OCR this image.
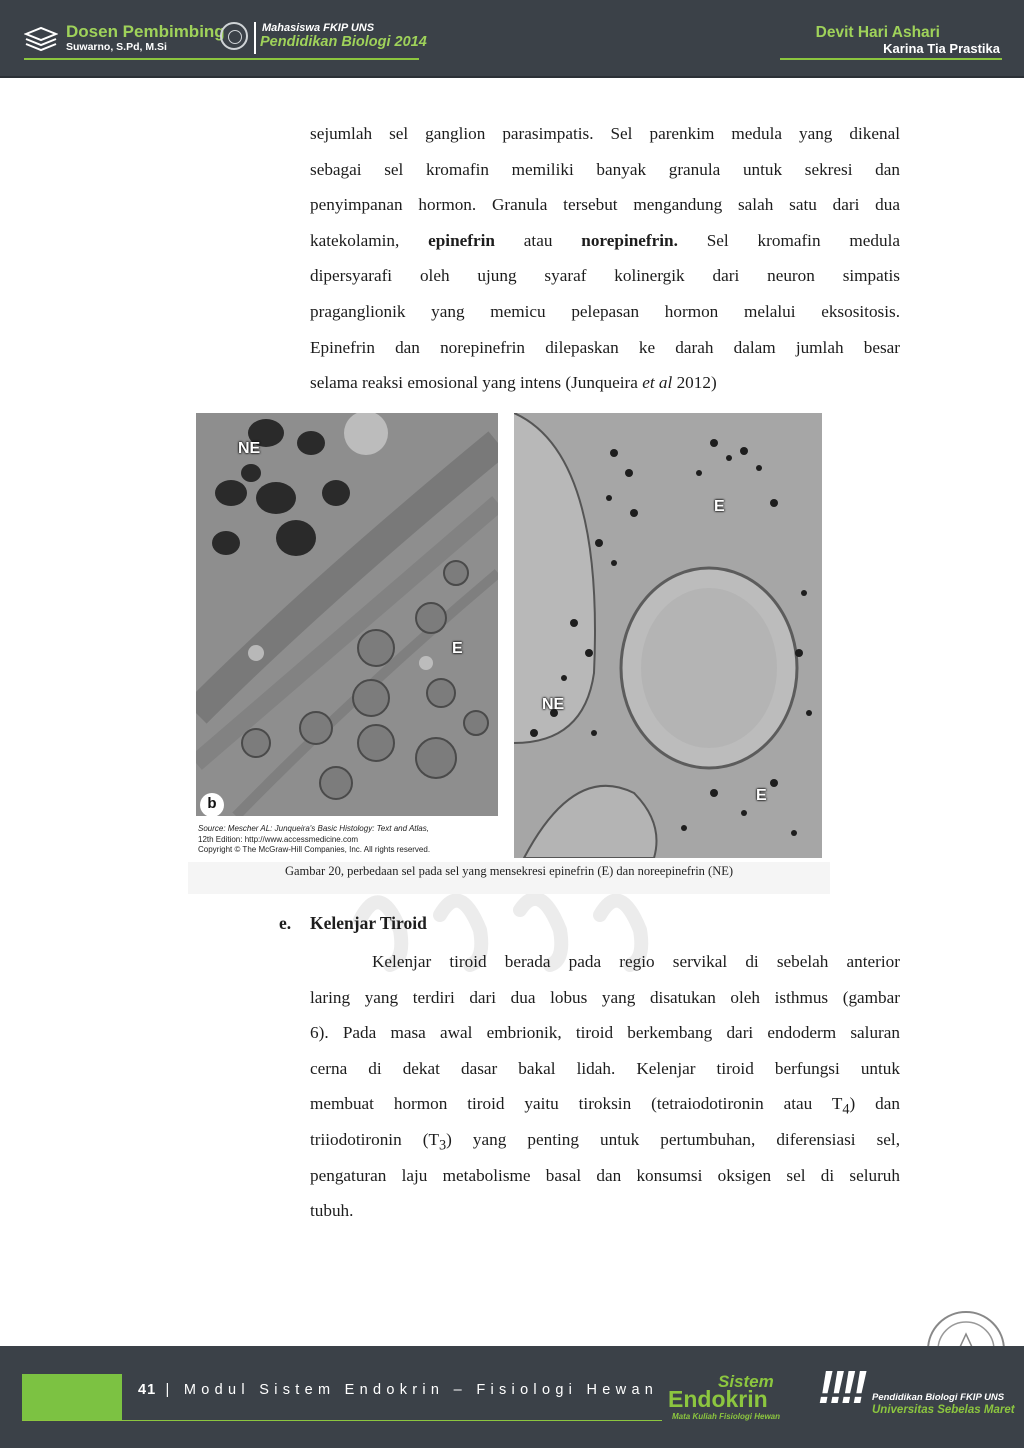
Dosen Pembimbing
Suwarno, S.Pd, M.Si
Mahasiswa FKIP UNS
Pendidikan Biologi 2014
Devit Hari Ashari
Karina Tia Prastika
sejumlah sel ganglion parasimpatis. Sel parenkim medula yang dikenal
sebagai sel kromafin memiliki banyak granula untuk sekresi dan
penyimpanan hormon. Granula tersebut mengandung salah satu dari dua
katekolamin, epinefrin atau norepinefrin. Sel kromafin medula
dipersyarafi oleh ujung syaraf kolinergik dari neuron simpatis
praganglionik yang memicu pelepasan hormon melalui eksositosis.
Epinefrin dan norepinefrin dilepaskan ke darah dalam jumlah besar
selama reaksi emosional yang intens (Junqueira et al 2012)
NE
E
b
Source: Mescher AL: Junqueira's Basic Histology: Text and Atlas,
12th Edition: http://www.accessmedicine.com
Copyright © The McGraw-Hill Companies, Inc. All rights reserved.
E
NE
E
Gambar 20, perbedaan sel pada sel yang mensekresi epinefrin (E) dan noreepinefrin (NE)
e. Kelenjar Tiroid
Kelenjar tiroid berada pada regio servikal di sebelah anterior
laring yang terdiri dari dua lobus yang disatukan oleh isthmus (gambar
6). Pada masa awal embrionik, tiroid berkembang dari endoderm saluran
cerna di dekat dasar bakal lidah. Kelenjar tiroid berfungsi untuk
membuat hormon tiroid yaitu tiroksin (tetraiodotironin atau $T_4$) dan
triiodotironin $(T_3)$ yang penting untuk pertumbuhan, diferensiasi sel,
pengaturan laju metabolisme basal dan konsumsi oksigen sel di seluruh
tubuh.
41 | Modul Sistem Endokrin – Fisiologi Hewan	Sistem
Endokrin
Mata Kuliah Fisiologi Hewan
!!!! Pendidikan Biologi FKIP UNS
Universitas Sebelas Maret
